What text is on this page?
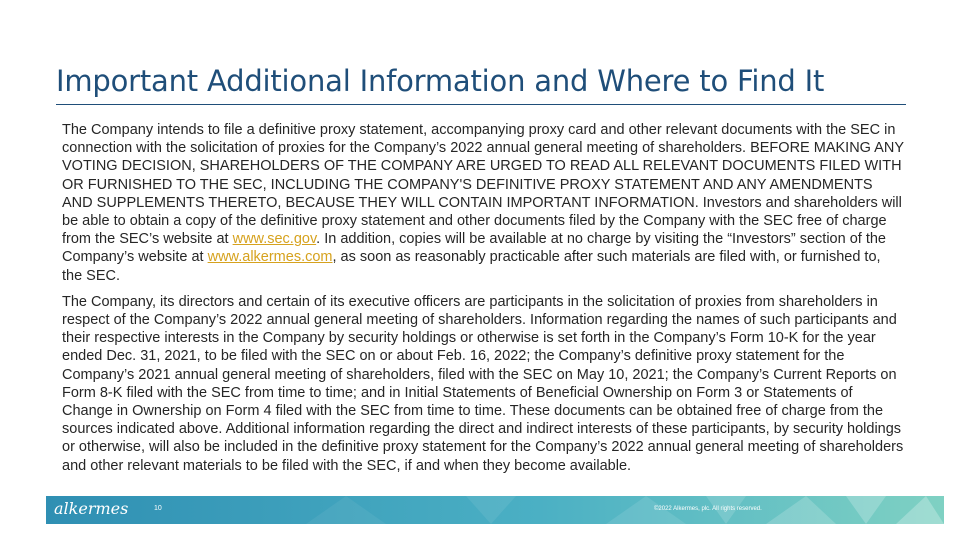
alkermes	10	©2022 Alkermes, plc. All rights reserved.
Important Additional Information and Where to Find It

The Company intends to file a definitive proxy statement, accompanying proxy card and other relevant documents with the SEC in connection with the solicitation of proxies for the Company’s 2022 annual general meeting of shareholders. BEFORE MAKING ANY VOTING DECISION, SHAREHOLDERS OF THE COMPANY ARE URGED TO READ ALL RELEVANT DOCUMENTS FILED WITH OR FURNISHED TO THE SEC, INCLUDING THE COMPANY'S DEFINITIVE PROXY STATEMENT AND ANY AMENDMENTS AND SUPPLEMENTS THERETO, BECAUSE THEY WILL CONTAIN IMPORTANT INFORMATION. Investors and shareholders will be able to obtain a copy of the definitive proxy statement and other documents filed by the Company with the SEC free of charge from the SEC’s website at www.sec.gov. In addition, copies will be available at no charge by visiting the “Investors” section of the Company’s website at www.alkermes.com, as soon as reasonably practicable after such materials are filed with, or furnished to, the SEC.

The Company, its directors and certain of its executive officers are participants in the solicitation of proxies from shareholders in respect of the Company’s 2022 annual general meeting of shareholders. Information regarding the names of such participants and their respective interests in the Company by security holdings or otherwise is set forth in the Company’s Form 10-K for the year ended Dec. 31, 2021, to be filed with the SEC on or about Feb. 16, 2022; the Company’s definitive proxy statement for the Company’s 2021 annual general meeting of shareholders, filed with the SEC on May 10, 2021; the Company’s Current Reports on Form 8-K filed with the SEC from time to time; and in Initial Statements of Beneficial Ownership on Form 3 or Statements of Change in Ownership on Form 4 filed with the SEC from time to time. These documents can be obtained free of charge from the sources indicated above. Additional information regarding the direct and indirect interests of these participants, by security holdings or otherwise, will also be included in the definitive proxy statement for the Company’s 2022 annual general meeting of shareholders and other relevant materials to be filed with the SEC, if and when they become available.
